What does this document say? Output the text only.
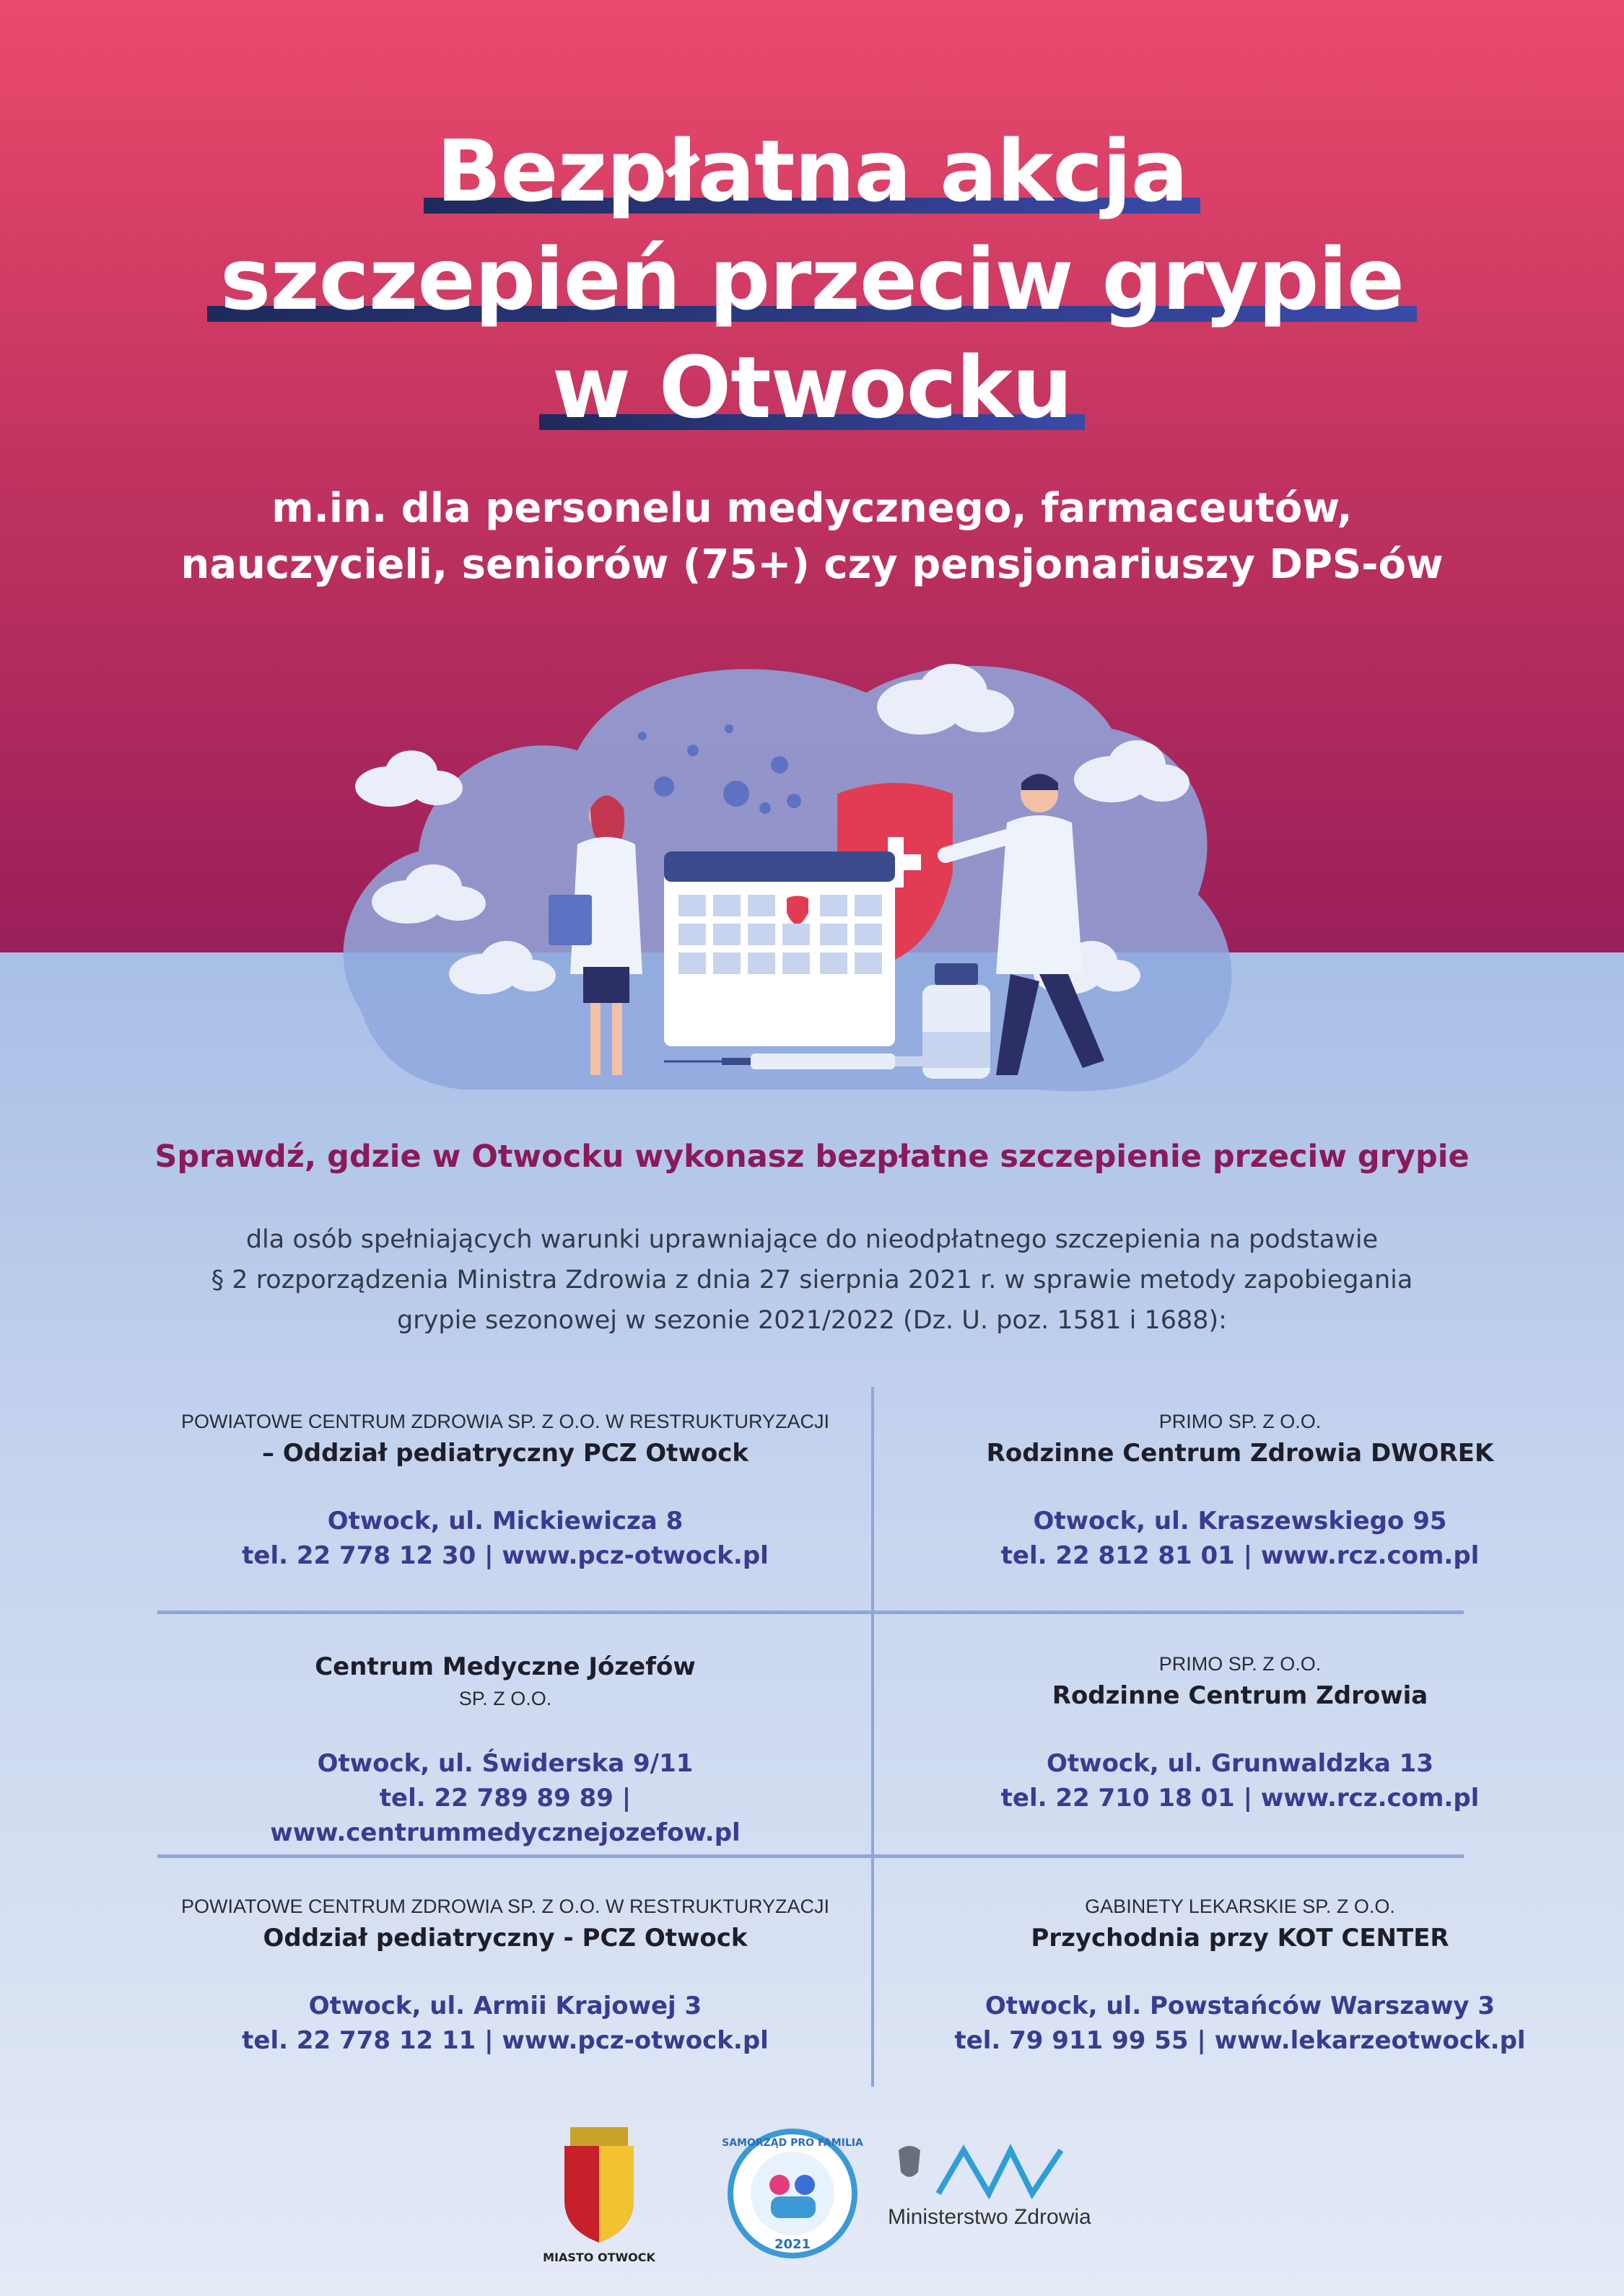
Bezpłatna akcja
szczepień przeciw grypie
w Otwocku
m.in. dla personelu medycznego, farmaceutów,
nauczycieli, seniorów (75+) czy pensjonariuszy DPS-ów
Sprawdź, gdzie w Otwocku wykonasz bezpłatne szczepienie przeciw grypie
dla osób spełniających warunki uprawniające do nieodpłatnego szczepienia na podstawie
§ 2 rozporządzenia Ministra Zdrowia z dnia 27 sierpnia 2021 r. w sprawie metody zapobiegania
grypie sezonowej w sezonie 2021/2022 (Dz. U. poz. 1581 i 1688):
POWIATOWE CENTRUM ZDROWIA SP. Z O.O. W RESTRUKTURYZACJI
– Oddział pediatryczny PCZ Otwock
Otwock, ul. Mickiewicza 8
tel. 22 778 12 30 | www.pcz-otwock.pl
PRIMO SP. Z O.O.
Rodzinne Centrum Zdrowia DWOREK
Otwock, ul. Kraszewskiego 95
tel. 22 812 81 01 | www.rcz.com.pl
Centrum Medyczne Józefów
SP. Z O.O.
Otwock, ul. Świderska 9/11
tel. 22 789 89 89 | www.centrummedycznejozefow.pl
PRIMO SP. Z O.O.
Rodzinne Centrum Zdrowia
Otwock, ul. Grunwaldzka 13
tel. 22 710 18 01 | www.rcz.com.pl
POWIATOWE CENTRUM ZDROWIA SP. Z O.O. W RESTRUKTURYZACJI
Oddział pediatryczny - PCZ Otwock
Otwock, ul. Armii Krajowej 3
tel. 22 778 12 11 | www.pcz-otwock.pl
GABINETY LEKARSKIE SP. Z O.O.
Przychodnia przy KOT CENTER
Otwock, ul. Powstańców Warszawy 3
tel. 79 911 99 55 | www.lekarzeotwock.pl
MIASTO OTWOCK
SAMORZĄD PRO FAMILIA
2021
Ministerstwo Zdrowia
